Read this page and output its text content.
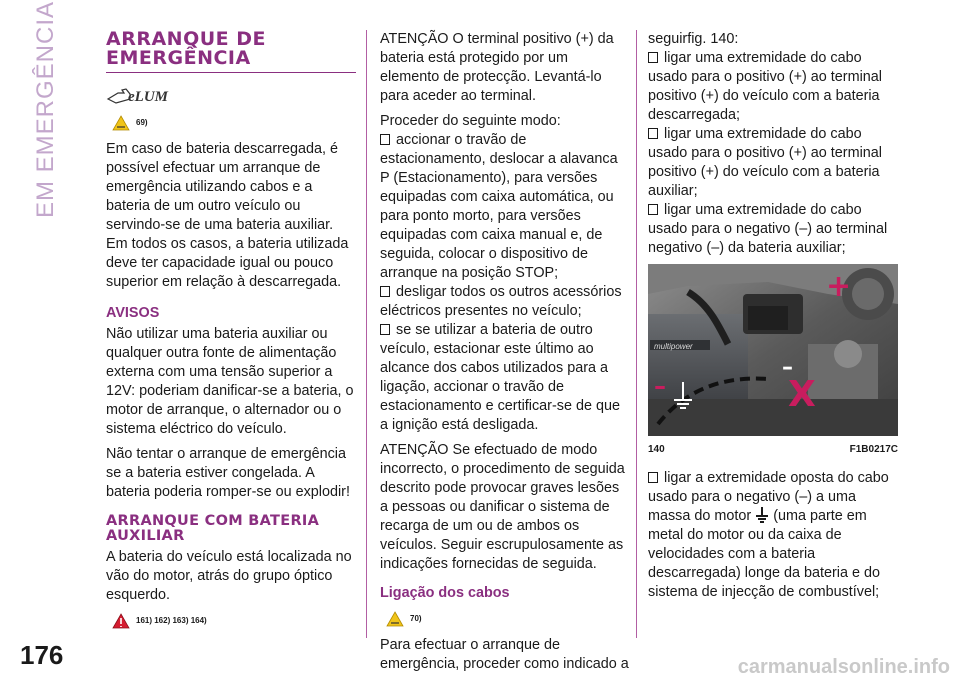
EM EMERGÊNCIA
176	carmanualsonline.info
ARRANQUE DE EMERGÊNCIA
eLUM
69)

Em caso de bateria descarregada, é possível efectuar um arranque de emergência utilizando cabos e a bateria de um outro veículo ou servindo-se de uma bateria auxiliar. Em todos os casos, a bateria utilizada deve ter capacidade igual ou pouco superior em relação à descarregada.

AVISOS

Não utilizar uma bateria auxiliar ou qualquer outra fonte de alimentação externa com uma tensão superior a 12V: poderiam danificar-se a bateria, o motor de arranque, o alternador ou o sistema eléctrico do veículo.

Não tentar o arranque de emergência se a bateria estiver congelada. A bateria poderia romper-se ou explodir!

ARRANQUE COM BATERIA AUXILIAR

A bateria do veículo está localizada no vão do motor, atrás do grupo óptico esquerdo.

161) 162) 163) 164)

ATENÇÃO O terminal positivo (+) da bateria está protegido por um elemento de protecção. Levantá-lo para aceder ao terminal.

Proceder do seguinte modo:

accionar o travão de estacionamento, deslocar a alavanca P (Estacionamento), para versões equipadas com caixa automática, ou para ponto morto, para versões equipadas com caixa manual e, de seguida, colocar o dispositivo de arranque na posição STOP;

desligar todos os outros acessórios eléctricos presentes no veículo;

se se utilizar a bateria de outro veículo, estacionar este último ao alcance dos cabos utilizados para a ligação, accionar o travão de estacionamento e certificar-se de que a ignição está desligada.

ATENÇÃO Se efectuado de modo incorrecto, o procedimento de seguida descrito pode provocar graves lesões a pessoas ou danificar o sistema de recarga de um ou de ambos os veículos. Seguir escrupulosamente as indicações fornecidas de seguida.

Ligação dos cabos

70)

Para efectuar o arranque de emergência, proceder como indicado a

seguirfig. 140:

ligar uma extremidade do cabo usado para o positivo (+) ao terminal positivo (+) do veículo com a bateria descarregada;

ligar uma extremidade do cabo usado para o positivo (+) ao terminal positivo (+) do veículo com a bateria auxiliar;

ligar uma extremidade do cabo usado para o negativo (–) ao terminal negativo (–) da bateria auxiliar;

multipower
+
–
X
–
140	F1B0217C

ligar a extremidade oposta do cabo usado para o negativo (–) a uma massa do motor (uma parte em metal do motor ou da caixa de velocidades com a bateria descarregada) longe da bateria e do sistema de injecção de combustível;
